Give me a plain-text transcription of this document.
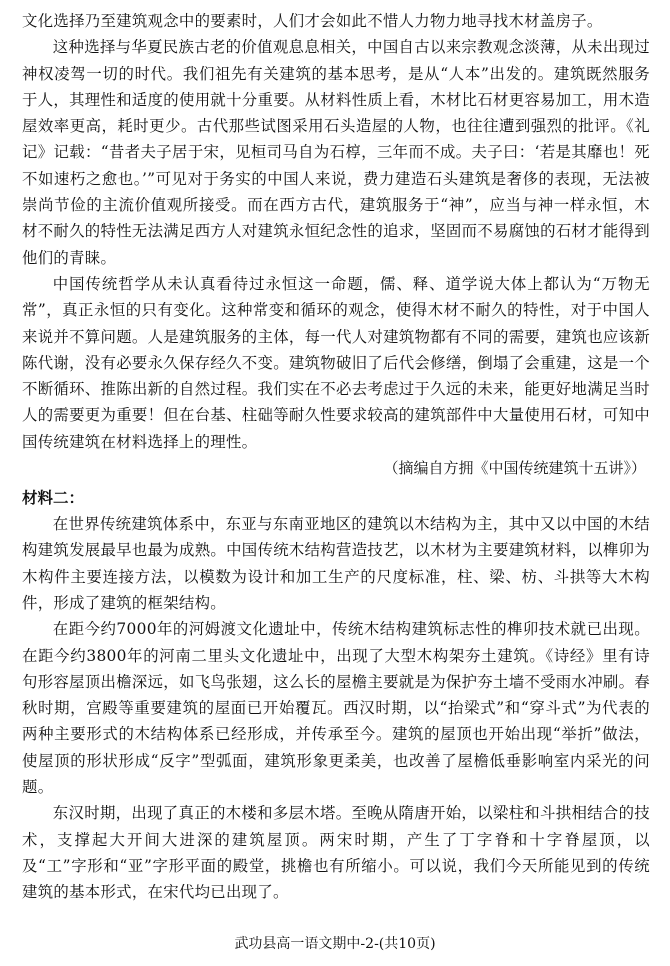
文化选择乃至建筑观念中的要素时，人们才会如此不惜人力物力地寻找木材盖房子。

这种选择与华夏民族古老的价值观息息相关，中国自古以来宗教观念淡薄，从未出现过神权凌驾一切的时代。我们祖先有关建筑的基本思考，是从“人本”出发的。建筑既然服务于人，其理性和适度的使用就十分重要。从材料性质上看，木材比石材更容易加工，用木造屋效率更高，耗时更少。古代那些试图采用石头造屋的人物，也往往遭到强烈的批评。《礼记》记载：“昔者夫子居于宋，见桓司马自为石椁，三年而不成。夫子曰：‘若是其靡也！死不如速朽之愈也。’”可见对于务实的中国人来说，费力建造石头建筑是奢侈的表现，无法被崇尚节俭的主流价值观所接受。而在西方古代，建筑服务于“神”，应当与神一样永恒，木材不耐久的特性无法满足西方人对建筑永恒纪念性的追求，坚固而不易腐蚀的石材才能得到他们的青睐。

中国传统哲学从未认真看待过永恒这一命题，儒、释、道学说大体上都认为“万物无常”，真正永恒的只有变化。这种常变和循环的观念，使得木材不耐久的特性，对于中国人来说并不算问题。人是建筑服务的主体，每一代人对建筑物都有不同的需要，建筑也应该新陈代谢，没有必要永久保存经久不变。建筑物破旧了后代会修缮，倒塌了会重建，这是一个不断循环、推陈出新的自然过程。我们实在不必去考虑过于久远的未来，能更好地满足当时人的需要更为重要！但在台基、柱础等耐久性要求较高的建筑部件中大量使用石材，可知中国传统建筑在材料选择上的理性。

（摘编自方拥《中国传统建筑十五讲》）

材料二：

在世界传统建筑体系中，东亚与东南亚地区的建筑以木结构为主，其中又以中国的木结构建筑发展最早也最为成熟。中国传统木结构营造技艺，以木材为主要建筑材料，以榫卯为木构件主要连接方法，以模数为设计和加工生产的尺度标准，柱、梁、枋、斗拱等大木构件，形成了建筑的框架结构。

在距今约7000年的河姆渡文化遗址中，传统木结构建筑标志性的榫卯技术就已出现。在距今约3800年的河南二里头文化遗址中，出现了大型木构架夯土建筑。《诗经》里有诗句形容屋顶出檐深远，如飞鸟张翅，这么长的屋檐主要就是为保护夯土墙不受雨水冲刷。春秋时期，宫殿等重要建筑的屋面已开始覆瓦。西汉时期，以“抬梁式”和“穿斗式”为代表的两种主要形式的木结构体系已经形成，并传承至今。建筑的屋顶也开始出现“举折”做法，使屋顶的形状形成“反字”型弧面，建筑形象更柔美，也改善了屋檐低垂影响室内采光的问题。

东汉时期，出现了真正的木楼和多层木塔。至晚从隋唐开始，以梁柱和斗拱相结合的技术，支撑起大开间大进深的建筑屋顶。两宋时期，产生了丁字脊和十字脊屋顶，以及“工”字形和“亚”字形平面的殿堂，挑檐也有所缩小。可以说，我们今天所能见到的传统建筑的基本形式，在宋代均已出现了。

武功县高一语文期中-2-(共10页)
